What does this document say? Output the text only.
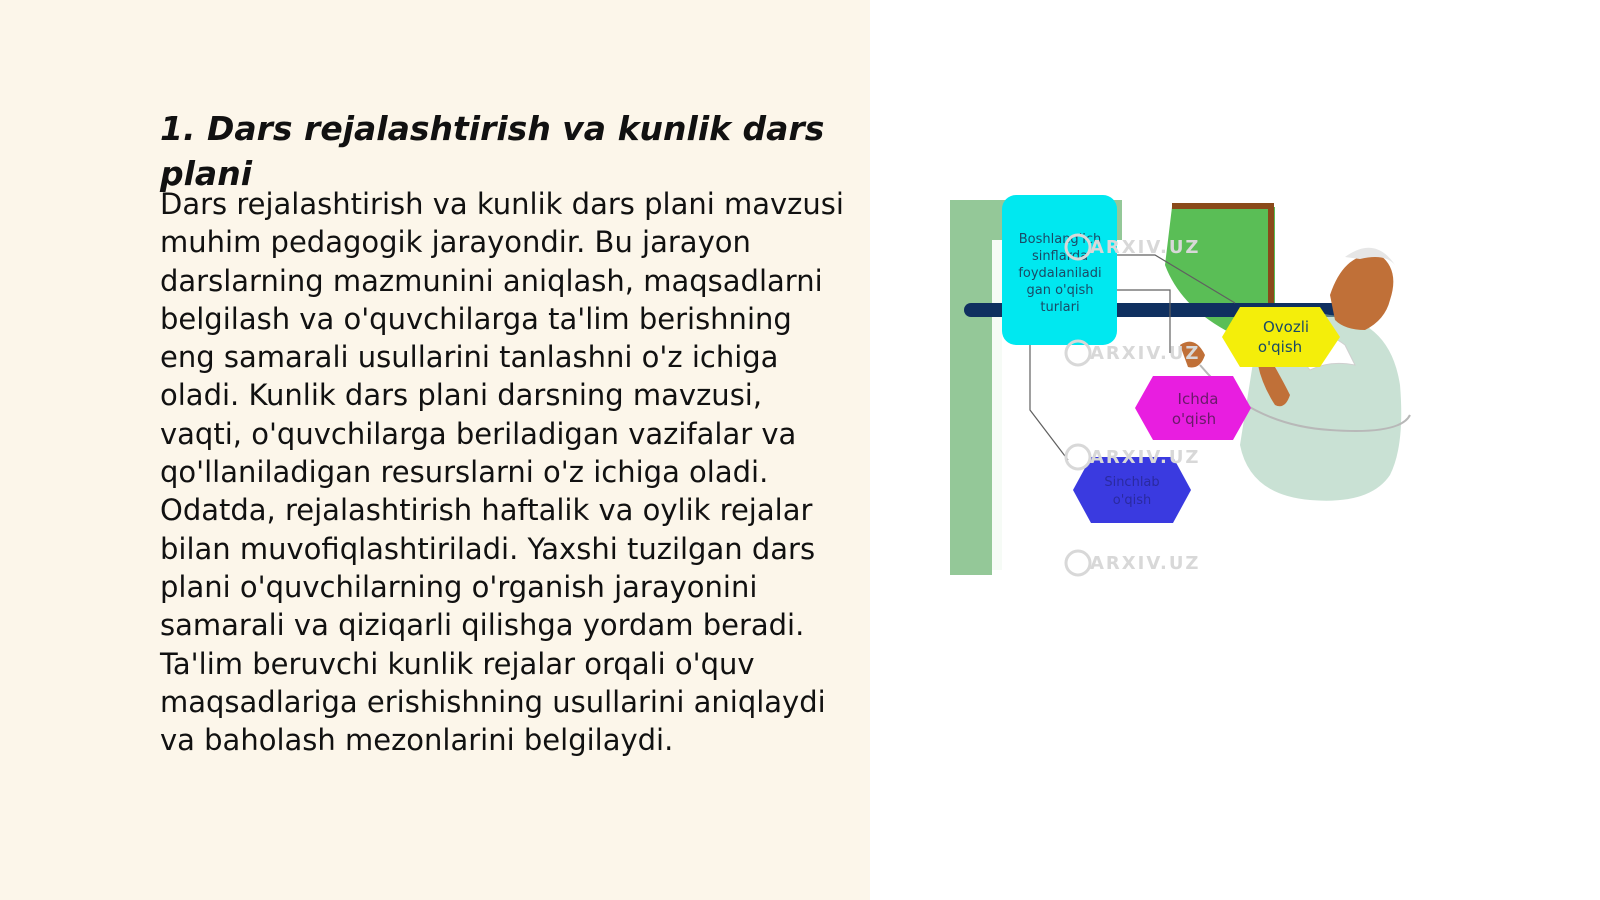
1. Dars rejalashtirish va kunlik dars plani

Dars rejalashtirish va kunlik dars plani mavzusi muhim pedagogik jarayondir. Bu jarayon darslarning mazmunini aniqlash, maqsadlarni belgilash va o'quvchilarga ta'lim berishning eng samarali usullarini tanlashni o'z ichiga oladi. Kunlik dars plani darsning mavzusi, vaqti, o'quvchilarga beriladigan vazifalar va qo'llaniladigan resurslarni o'z ichiga oladi. Odatda, rejalashtirish haftalik va oylik rejalar bilan muvofiqlashtiriladi. Yaxshi tuzilgan dars plani o'quvchilarning o'rganish jarayonini samarali va qiziqarli qilishga yordam beradi. Ta'lim beruvchi kunlik rejalar orqali o'quv maqsadlariga erishishning usullarini aniqlaydi va baholash mezonlarini belgilaydi.

Boshlang'ich
sinflarda
foydalaniladi
gan o'qish
turlari
Ovozli
o'qish
Ichda
o'qish
Sinchlab
o'qish
ARXIV.UZ
ARXIV.UZ
ARXIV.UZ
ARXIV.UZ
